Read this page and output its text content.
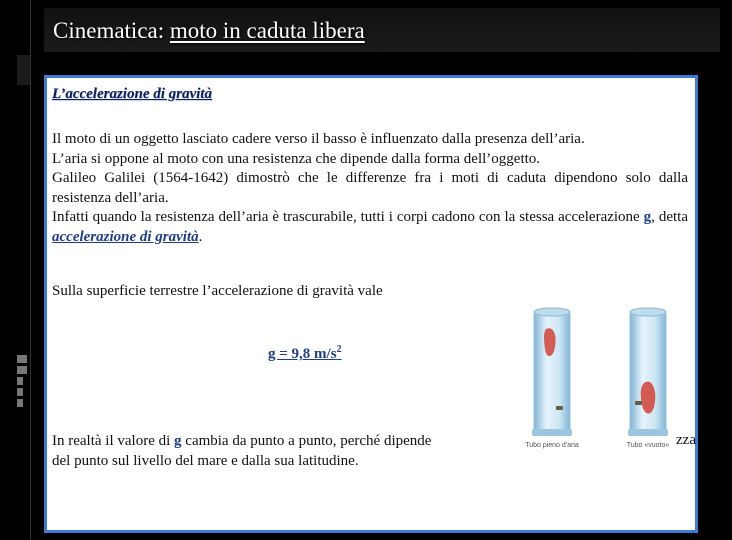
Cinematica: moto in caduta libera
L’accelerazione di gravità

Il moto di un oggetto lasciato cadere verso il basso è influenzato dalla presenza dell’aria.

L’aria si oppone al moto con una resistenza che dipende dalla forma dell’oggetto.

Galileo Galilei (1564-1642) dimostrò che le differenze fra i moti di caduta dipendono solo dalla resistenza dell’aria.

Infatti quando la resistenza dell’aria è trascurabile, tutti i corpi cadono con la stessa accelerazione g, detta accelerazione di gravità.

Sulla superficie terrestre l’accelerazione di gravità vale
g = 9,8 $m/s^2$
Tubo pieno d'aria	Tubo «vuoto»

In realtà il valore di g cambia da punto a punto, perché dipende

del punto sul livello del mare e dalla sua latitudine.

zza
